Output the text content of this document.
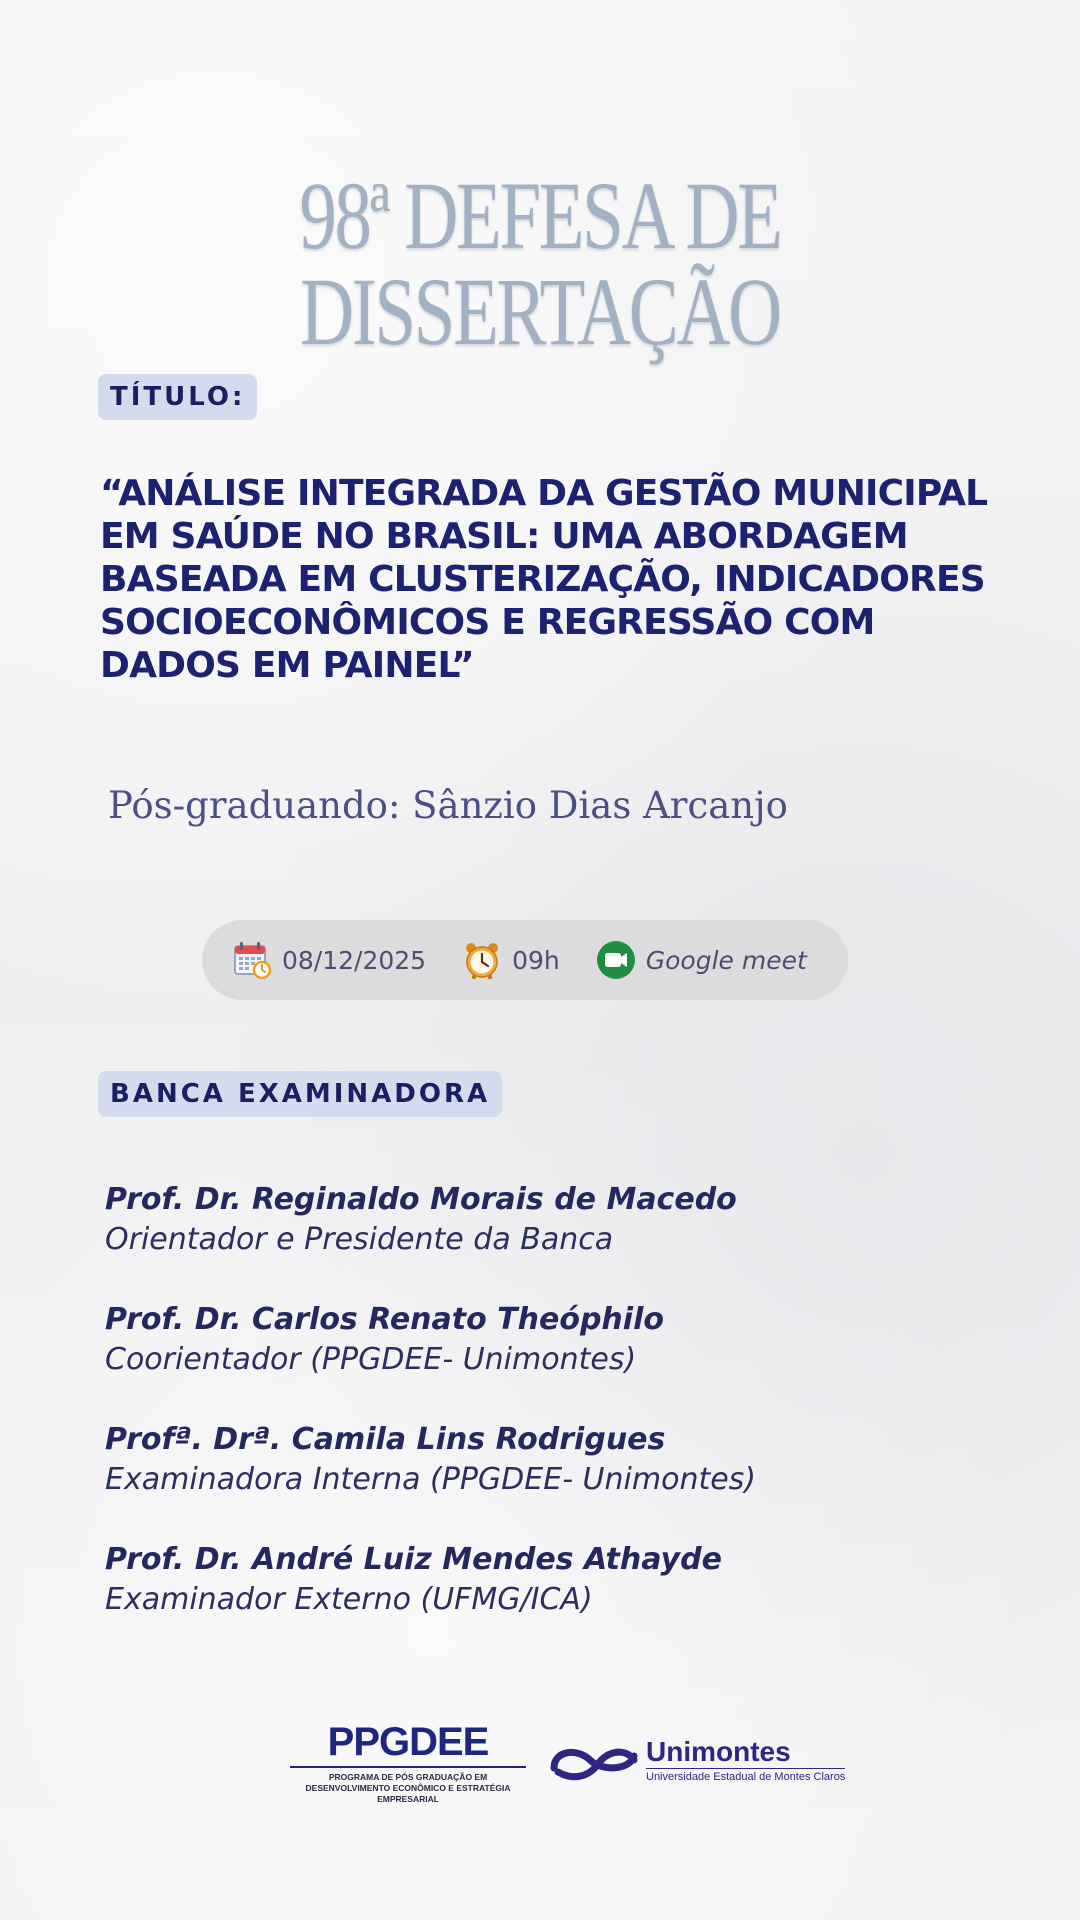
98ª DEFESA DE DISSERTAÇÃO
TÍTULO:
“ANÁLISE INTEGRADA DA GESTÃO MUNICIPAL EM SAÚDE NO BRASIL: UMA ABORDAGEM BASEADA EM CLUSTERIZAÇÃO, INDICADORES SOCIOECONÔMICOS E REGRESSÃO COM DADOS EM PAINEL”
Pós-graduando: Sânzio Dias Arcanjo
08/12/2025	09h	Google meet
BANCA EXAMINADORA
Prof. Dr. Reginaldo Morais de Macedo
Orientador e Presidente da Banca
Prof. Dr. Carlos Renato Theóphilo
Coorientador (PPGDEE- Unimontes)
Profª. Drª. Camila Lins Rodrigues
Examinadora Interna (PPGDEE- Unimontes)
Prof. Dr. André Luiz Mendes Athayde
Examinador Externo (UFMG/ICA)
PPGDEE
PROGRAMA DE PÓS GRADUAÇÃO EM DESENVOLVIMENTO ECONÔMICO E ESTRATÉGIA EMPRESARIAL
Unimontes
Universidade Estadual de Montes Claros
